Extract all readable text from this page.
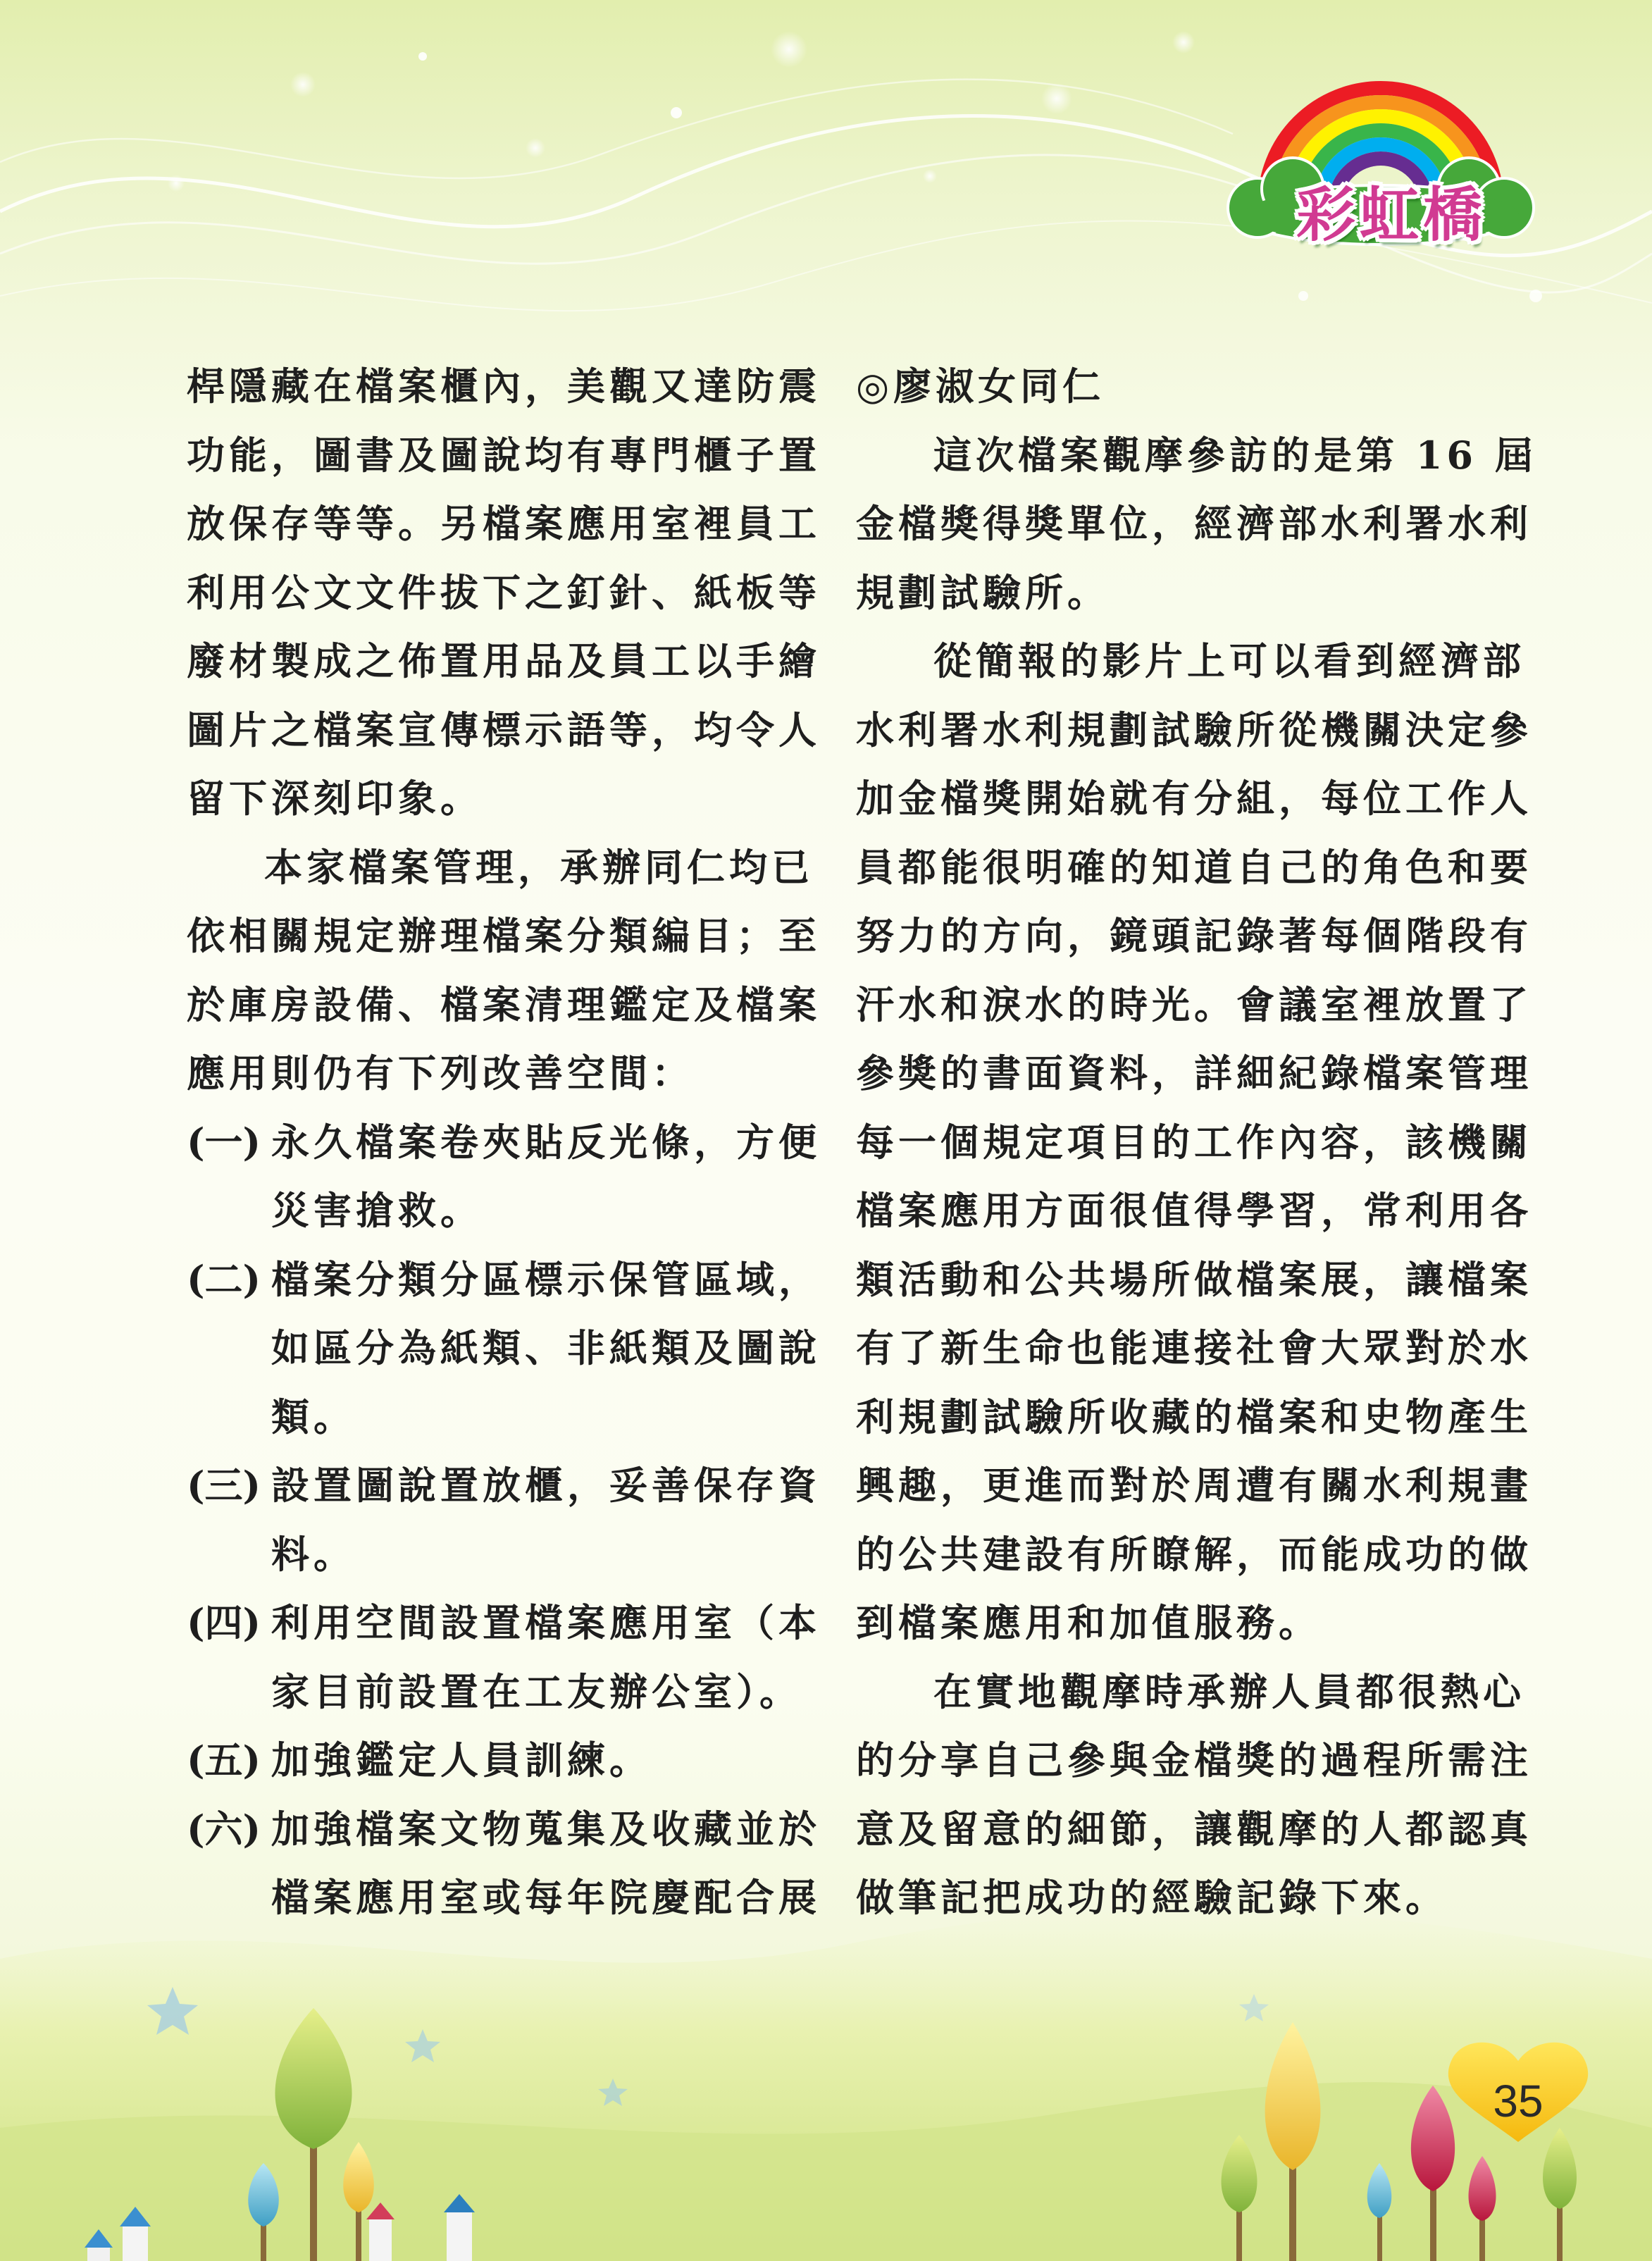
彩虹橋
桿隱藏在檔案櫃內，美觀又達防震
功能，圖書及圖說均有專門櫃子置
放保存等等。另檔案應用室裡員工
利用公文文件拔下之釘針、紙板等
廢材製成之佈置用品及員工以手繪
圖片之檔案宣傳標示語等，均令人
留下深刻印象。
本家檔案管理，承辦同仁均已
依相關規定辦理檔案分類編目；至
於庫房設備、檔案清理鑑定及檔案
應用則仍有下列改善空間：
(一) 永久檔案卷夾貼反光條，方便
災害搶救。
(二) 檔案分類分區標示保管區域，
如區分為紙類、非紙類及圖說
類。
(三) 設置圖說置放櫃，妥善保存資
料。
(四) 利用空間設置檔案應用室（本
家目前設置在工友辦公室）。
(五) 加強鑑定人員訓練。
(六) 加強檔案文物蒐集及收藏並於
檔案應用室或每年院慶配合展
◎廖淑女同仁
這次檔案觀摩參訪的是第 16 屆
金檔獎得獎單位，經濟部水利署水利
規劃試驗所。
從簡報的影片上可以看到經濟部
水利署水利規劃試驗所從機關決定參
加金檔獎開始就有分組，每位工作人
員都能很明確的知道自己的角色和要
努力的方向，鏡頭記錄著每個階段有
汗水和淚水的時光。會議室裡放置了
參獎的書面資料，詳細紀錄檔案管理
每一個規定項目的工作內容，該機關
檔案應用方面很值得學習，常利用各
類活動和公共場所做檔案展，讓檔案
有了新生命也能連接社會大眾對於水
利規劃試驗所收藏的檔案和史物產生
興趣，更進而對於周遭有關水利規畫
的公共建設有所瞭解，而能成功的做
到檔案應用和加值服務。
在實地觀摩時承辦人員都很熱心
的分享自己參與金檔獎的過程所需注
意及留意的細節，讓觀摩的人都認真
做筆記把成功的經驗記錄下來。
35
